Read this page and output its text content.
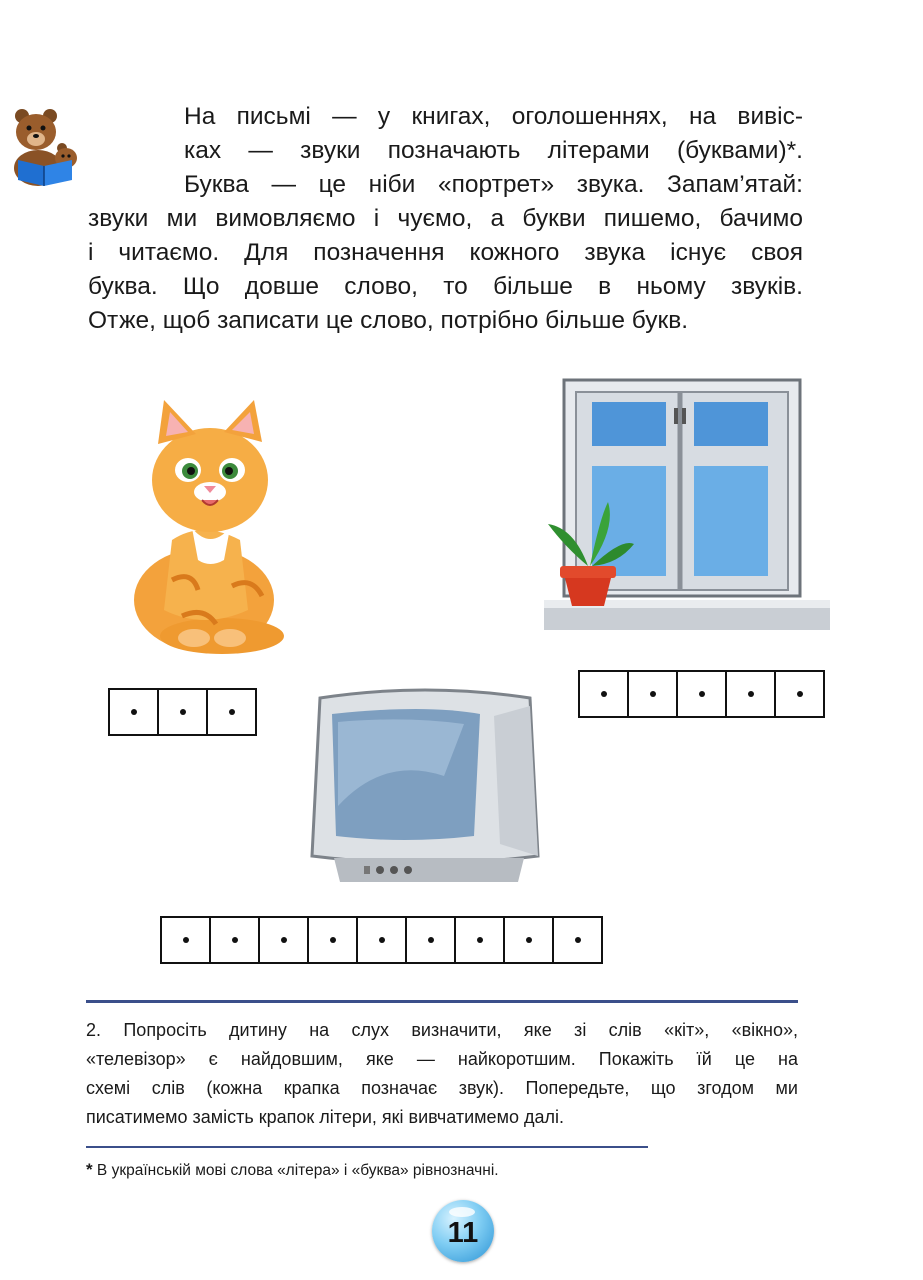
На письмі — у книгах, оголошеннях, на вивіс-
ках — звуки позначають літерами (буквами)*.
Буква — це ніби «портрет» звука. Запам’ятай:
звуки ми вимовляємо і чуємо, а букви пишемо, бачимо
і читаємо. Для позначення кожного звука існує своя
буква. Що довше слово, то більше в ньому звуків.
Отже, щоб записати це слово, потрібно більше букв.
2. Попросіть дитину на слух визначити, яке зі слів «кіт», «вікно»,
«телевізор» є найдовшим, яке — найкоротшим. Покажіть їй це на
схемі слів (кожна крапка позначає звук). Попередьте, що згодом ми
писатимемо замість крапок літери, які вивчатимемо далі.
* В українській мові слова «літера» і «буква» рівнозначні.
11
